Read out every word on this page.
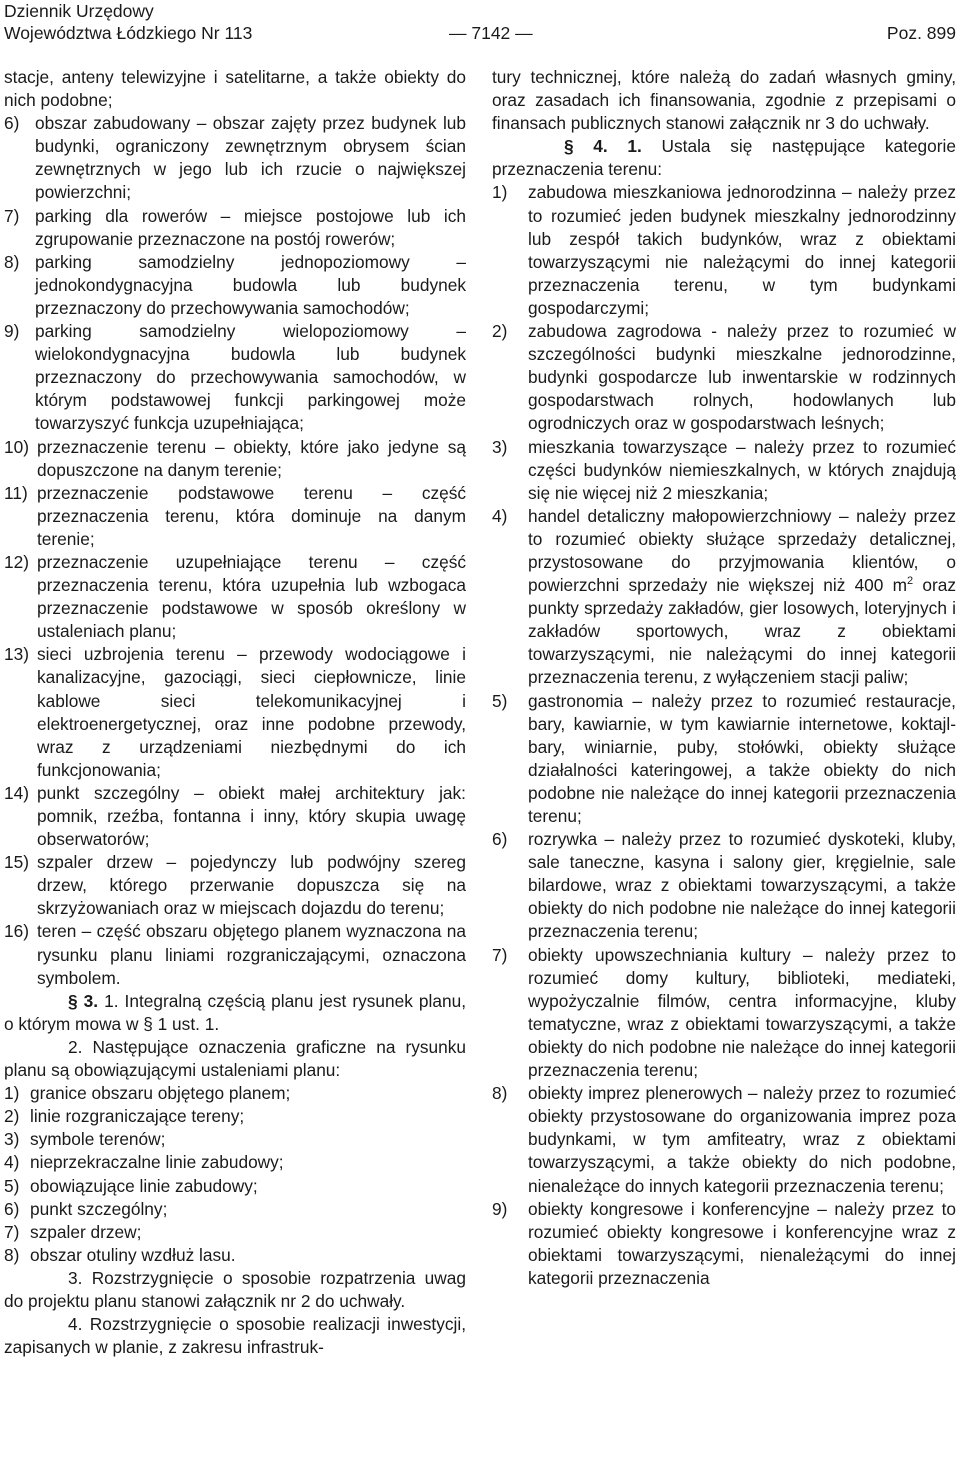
Dziennik Urzędowy
Województwa Łódzkiego Nr 113	— 7142 —	Poz. 899
stacje, anteny telewizyjne i satelitarne, a także obiekty do nich podobne;
6) obszar zabudowany – obszar zajęty przez budynek lub budynki, ograniczony zewnętrznym obrysem ścian zewnętrznych w jego lub ich rzucie o największej powierzchni;
7) parking dla rowerów – miejsce postojowe lub ich zgrupowanie przeznaczone na postój rowerów;
8) parking samodzielny jednopoziomowy – jednokondygnacyjna budowla lub budynek przeznaczony do przechowywania samochodów;
9) parking samodzielny wielopoziomowy – wielokondygnacyjna budowla lub budynek przeznaczony do przechowywania samochodów, w którym podstawowej funkcji parkingowej może towarzyszyć funkcja uzupełniająca;
10) przeznaczenie terenu – obiekty, które jako jedyne są dopuszczone na danym terenie;
11) przeznaczenie podstawowe terenu – część przeznaczenia terenu, która dominuje na danym terenie;
12) przeznaczenie uzupełniające terenu – część przeznaczenia terenu, która uzupełnia lub wzbogaca przeznaczenie podstawowe w sposób określony w ustaleniach planu;
13) sieci uzbrojenia terenu – przewody wodociągowe i kanalizacyjne, gazociągi, sieci ciepłownicze, linie kablowe sieci telekomunikacyjnej i elektroenergetycznej, oraz inne podobne przewody, wraz z urządzeniami niezbędnymi do ich funkcjonowania;
14) punkt szczególny – obiekt małej architektury jak: pomnik, rzeźba, fontanna i inny, który skupia uwagę obserwatorów;
15) szpaler drzew – pojedynczy lub podwójny szereg drzew, którego przerwanie dopuszcza się na skrzyżowaniach oraz w miejscach dojazdu do terenu;
16) teren – część obszaru objętego planem wyznaczona na rysunku planu liniami rozgraniczającymi, oznaczona symbolem.
§ 3. 1. Integralną częścią planu jest rysunek planu, o którym mowa w § 1 ust. 1.
2. Następujące oznaczenia graficzne na rysunku planu są obowiązującymi ustaleniami planu:
1) granice obszaru objętego planem;
2) linie rozgraniczające tereny;
3) symbole terenów;
4) nieprzekraczalne linie zabudowy;
5) obowiązujące linie zabudowy;
6) punkt szczególny;
7) szpaler drzew;
8) obszar otuliny wzdłuż lasu.
3. Rozstrzygnięcie o sposobie rozpatrzenia uwag do projektu planu stanowi załącznik nr 2 do uchwały.
4. Rozstrzygnięcie o sposobie realizacji inwestycji, zapisanych w planie, z zakresu infrastruk-
tury technicznej, które należą do zadań własnych gminy, oraz zasadach ich finansowania, zgodnie z przepisami o finansach publicznych stanowi załącznik nr 3 do uchwały.
§ 4. 1. Ustala się następujące kategorie przeznaczenia terenu:
1) zabudowa mieszkaniowa jednorodzinna – należy przez to rozumieć jeden budynek mieszkalny jednorodzinny lub zespół takich budynków, wraz z obiektami towarzyszącymi nie należącymi do innej kategorii przeznaczenia terenu, w tym budynkami gospodarczymi;
2) zabudowa zagrodowa - należy przez to rozumieć w szczególności budynki mieszkalne jednorodzinne, budynki gospodarcze lub inwentarskie w rodzinnych gospodarstwach rolnych, hodowlanych lub ogrodniczych oraz w gospodarstwach leśnych;
3) mieszkania towarzyszące – należy przez to rozumieć części budynków niemieszkalnych, w których znajdują się nie więcej niż 2 mieszkania;
4) handel detaliczny małopowierzchniowy – należy przez to rozumieć obiekty służące sprzedaży detalicznej, przystosowane do przyjmowania klientów, o powierzchni sprzedaży nie większej niż 400 $m^2$ oraz punkty sprzedaży zakładów, gier losowych, loteryjnych i zakładów sportowych, wraz z obiektami towarzyszącymi, nie należącymi do innej kategorii przeznaczenia terenu, z wyłączeniem stacji paliw;
5) gastronomia – należy przez to rozumieć restauracje, bary, kawiarnie, w tym kawiarnie internetowe, koktajl-bary, winiarnie, puby, stołówki, obiekty służące działalności kateringowej, a także obiekty do nich podobne nie należące do innej kategorii przeznaczenia terenu;
6) rozrywka – należy przez to rozumieć dyskoteki, kluby, sale taneczne, kasyna i salony gier, kręgielnie, sale bilardowe, wraz z obiektami towarzyszącymi, a także obiekty do nich podobne nie należące do innej kategorii przeznaczenia terenu;
7) obiekty upowszechniania kultury – należy przez to rozumieć domy kultury, biblioteki, mediateki, wypożyczalnie filmów, centra informacyjne, kluby tematyczne, wraz z obiektami towarzyszącymi, a także obiekty do nich podobne nie należące do innej kategorii przeznaczenia terenu;
8) obiekty imprez plenerowych – należy przez to rozumieć obiekty przystosowane do organizowania imprez poza budynkami, w tym amfiteatry, wraz z obiektami towarzyszącymi, a także obiekty do nich podobne, nienależące do innych kategorii przeznaczenia terenu;
9) obiekty kongresowe i konferencyjne – należy przez to rozumieć obiekty kongresowe i konferencyjne wraz z obiektami towarzyszącymi, nienależącymi do innej kategorii przeznaczenia
